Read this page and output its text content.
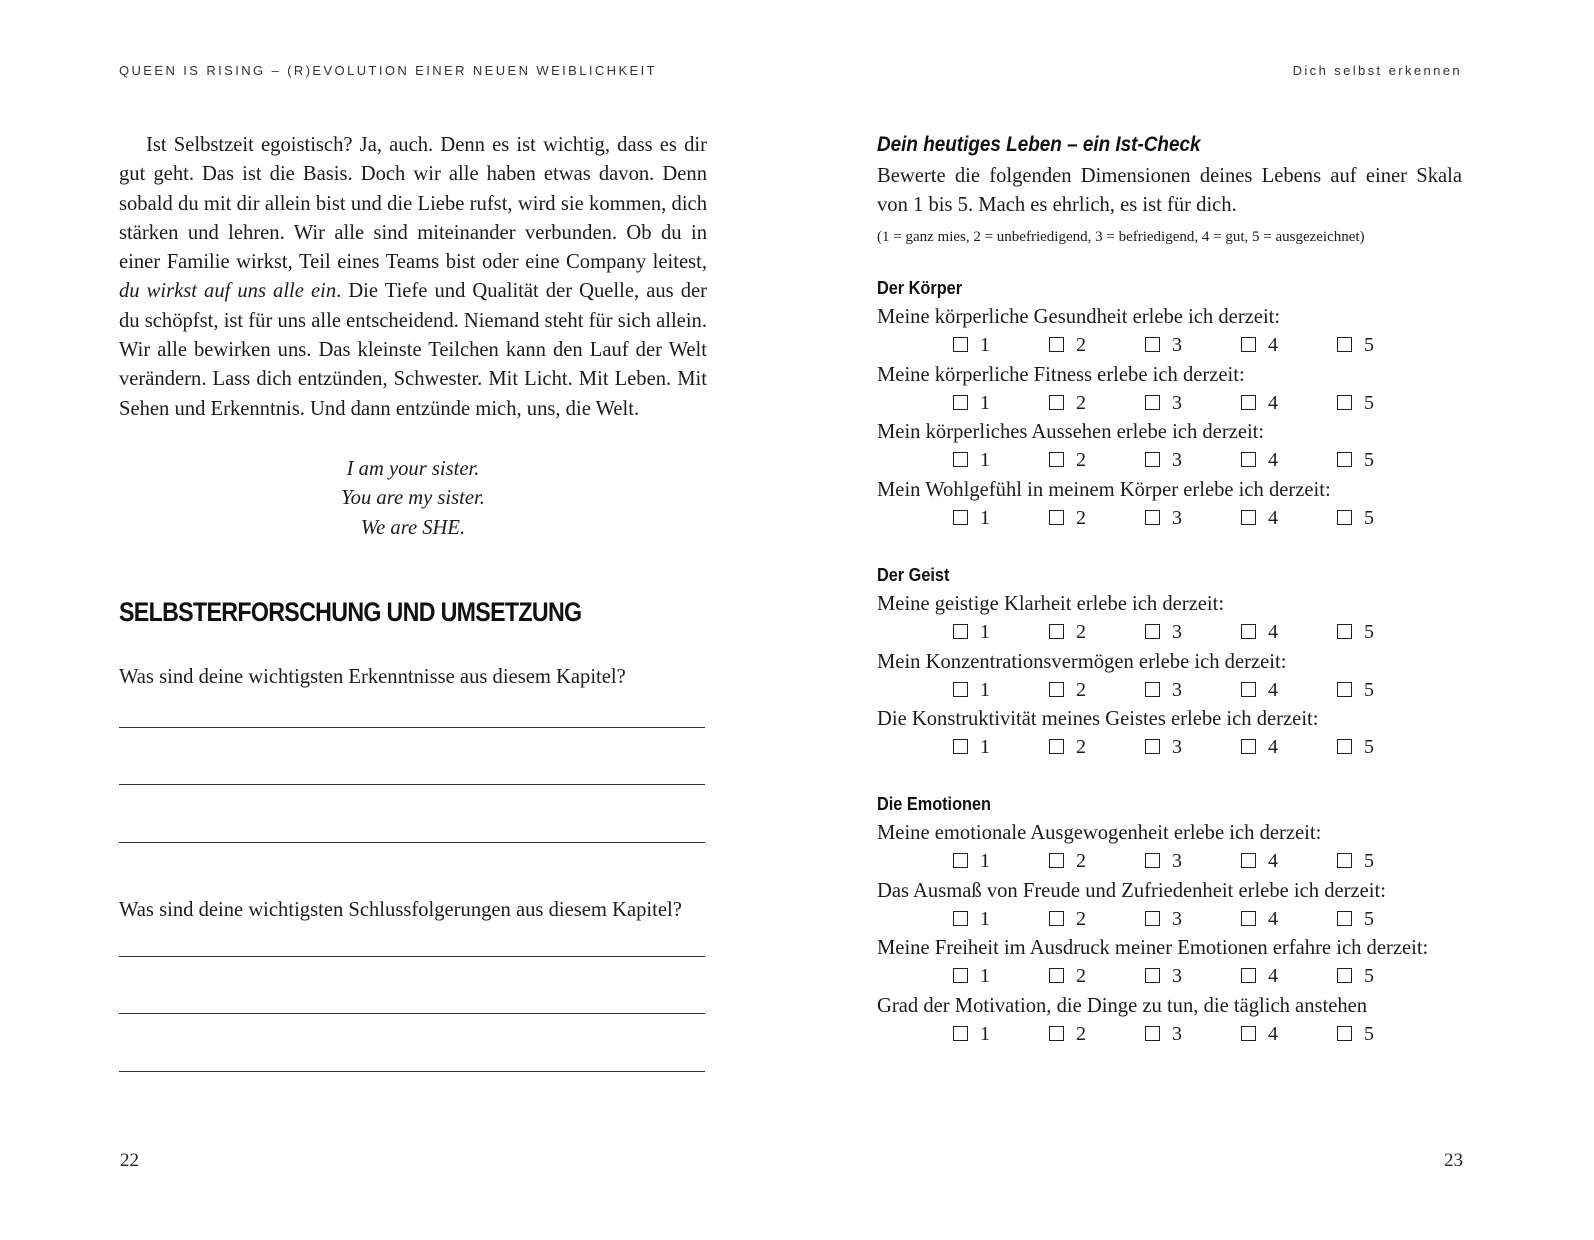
QUEEN IS RISING – (R)EVOLUTION EINER NEUEN WEIBLICHKEIT

Ist Selbstzeit egoistisch? Ja, auch. Denn es ist wichtig, dass es dir gut geht. Das ist die Basis. Doch wir alle haben etwas davon. Denn sobald du mit dir allein bist und die Liebe rufst, wird sie kommen, dich stärken und lehren. Wir alle sind miteinander verbunden. Ob du in einer Familie wirkst, Teil eines Teams bist oder eine Company leitest, du wirkst auf uns alle ein. Die Tiefe und Qualität der Quelle, aus der du schöpfst, ist für uns alle entscheidend. Niemand steht für sich allein. Wir alle bewirken uns. Das kleinste Teilchen kann den Lauf der Welt verändern. Lass dich entzünden, Schwester. Mit Licht. Mit Leben. Mit Sehen und Erkenntnis. Und dann entzünde mich, uns, die Welt.

I am your sister.
You are my sister.
We are SHE.
SELBSTERFORSCHUNG UND UMSETZUNG
Was sind deine wichtigsten Erkenntnisse aus diesem Kapitel?
Was sind deine wichtigsten Schlussfolgerungen aus diesem Kapitel?
22
Dich selbst erkennen
Dein heutiges Leben – ein Ist-Check
Bewerte die folgenden Dimensionen deines Lebens auf einer Skala von 1 bis 5. Mach es ehrlich, es ist für dich.
(1 = ganz mies, 2 = unbefriedigend, 3 = befriedigend, 4 = gut, 5 = ausgezeichnet)
Der Körper
Meine körperliche Gesundheit erlebe ich derzeit:
1	2	3	4	5
Meine körperliche Fitness erlebe ich derzeit:
1	2	3	4	5
Mein körperliches Aussehen erlebe ich derzeit:
1	2	3	4	5
Mein Wohlgefühl in meinem Körper erlebe ich derzeit:
1	2	3	4	5
Der Geist
Meine geistige Klarheit erlebe ich derzeit:
1	2	3	4	5
Mein Konzentrationsvermögen erlebe ich derzeit:
1	2	3	4	5
Die Konstruktivität meines Geistes erlebe ich derzeit:
1	2	3	4	5
Die Emotionen
Meine emotionale Ausgewogenheit erlebe ich derzeit:
1	2	3	4	5
Das Ausmaß von Freude und Zufriedenheit erlebe ich derzeit:
1	2	3	4	5
Meine Freiheit im Ausdruck meiner Emotionen erfahre ich derzeit:
1	2	3	4	5
Grad der Motivation, die Dinge zu tun, die täglich anstehen
1	2	3	4	5
23
